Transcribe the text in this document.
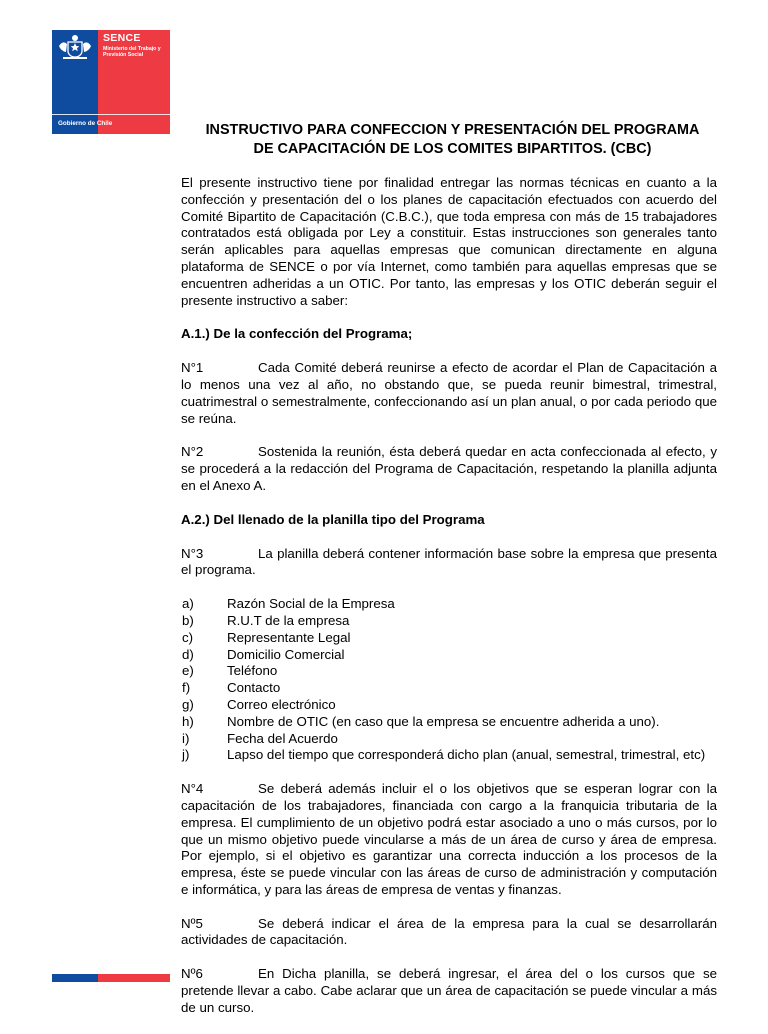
SENCE
Ministerio del Trabajo y Previsión Social
Gobierno de Chile	INSTRUCTIVO PARA CONFECCION Y PRESENTACIÓN DEL PROGRAMA
DE CAPACITACIÓN DE LOS COMITES BIPARTITOS. (CBC)

El presente instructivo tiene por finalidad entregar las normas técnicas en cuanto a la confección y presentación del o los planes de capacitación efectuados con acuerdo del Comité Bipartito de Capacitación (C.B.C.), que toda empresa con más de 15 trabajadores contratados está obligada por Ley a constituir. Estas instrucciones son generales tanto serán aplicables para aquellas empresas que comunican directamente en alguna plataforma de SENCE o por vía Internet, como también para aquellas empresas que se encuentren adheridas a un OTIC. Por tanto, las empresas y los OTIC deberán seguir el presente instructivo a saber:

A.1.) De la confección del Programa;

N°1	Cada Comité deberá reunirse a efecto de acordar el Plan de Capacitación a lo menos una vez al año, no obstando que, se pueda reunir bimestral, trimestral, cuatrimestral o semestralmente, confeccionando así un plan anual, o por cada periodo que se reúna.

N°2	Sostenida la reunión, ésta deberá quedar en acta confeccionada al efecto, y se procederá a la redacción del Programa de Capacitación, respetando la planilla adjunta en el Anexo A.

A.2.) Del llenado de la planilla tipo del Programa

N°3	La planilla deberá contener información base sobre la empresa que presenta el programa.

a) Razón Social de la Empresa
b) R.U.T de la empresa
c)	Representante Legal
d) Domicilio Comercial
e) Teléfono
f)	Contacto
g) Correo electrónico
h) Nombre de OTIC (en caso que la empresa se encuentre adherida a uno).
i)	Fecha del Acuerdo
j)	Lapso del tiempo que corresponderá dicho plan (anual, semestral, trimestral, etc)

N°4	Se deberá además incluir el o los objetivos que se esperan lograr con la capacitación de los trabajadores, financiada con cargo a la franquicia tributaria de la empresa. El cumplimiento de un objetivo podrá estar asociado a uno o más cursos, por lo que un mismo objetivo puede vincularse a más de un área de curso y área de empresa. Por ejemplo, si el objetivo es garantizar una correcta inducción a los procesos de la empresa, éste se puede vincular con las áreas de curso de administración y computación e informática, y para las áreas de empresa de ventas y finanzas.

Nº5	Se deberá indicar el área de la empresa para la cual se desarrollarán actividades de capacitación.

Nº6	En Dicha planilla, se deberá ingresar, el área del o los cursos que se pretende llevar a cabo. Cabe aclarar que un área de capacitación se puede vincular a más de un curso.
